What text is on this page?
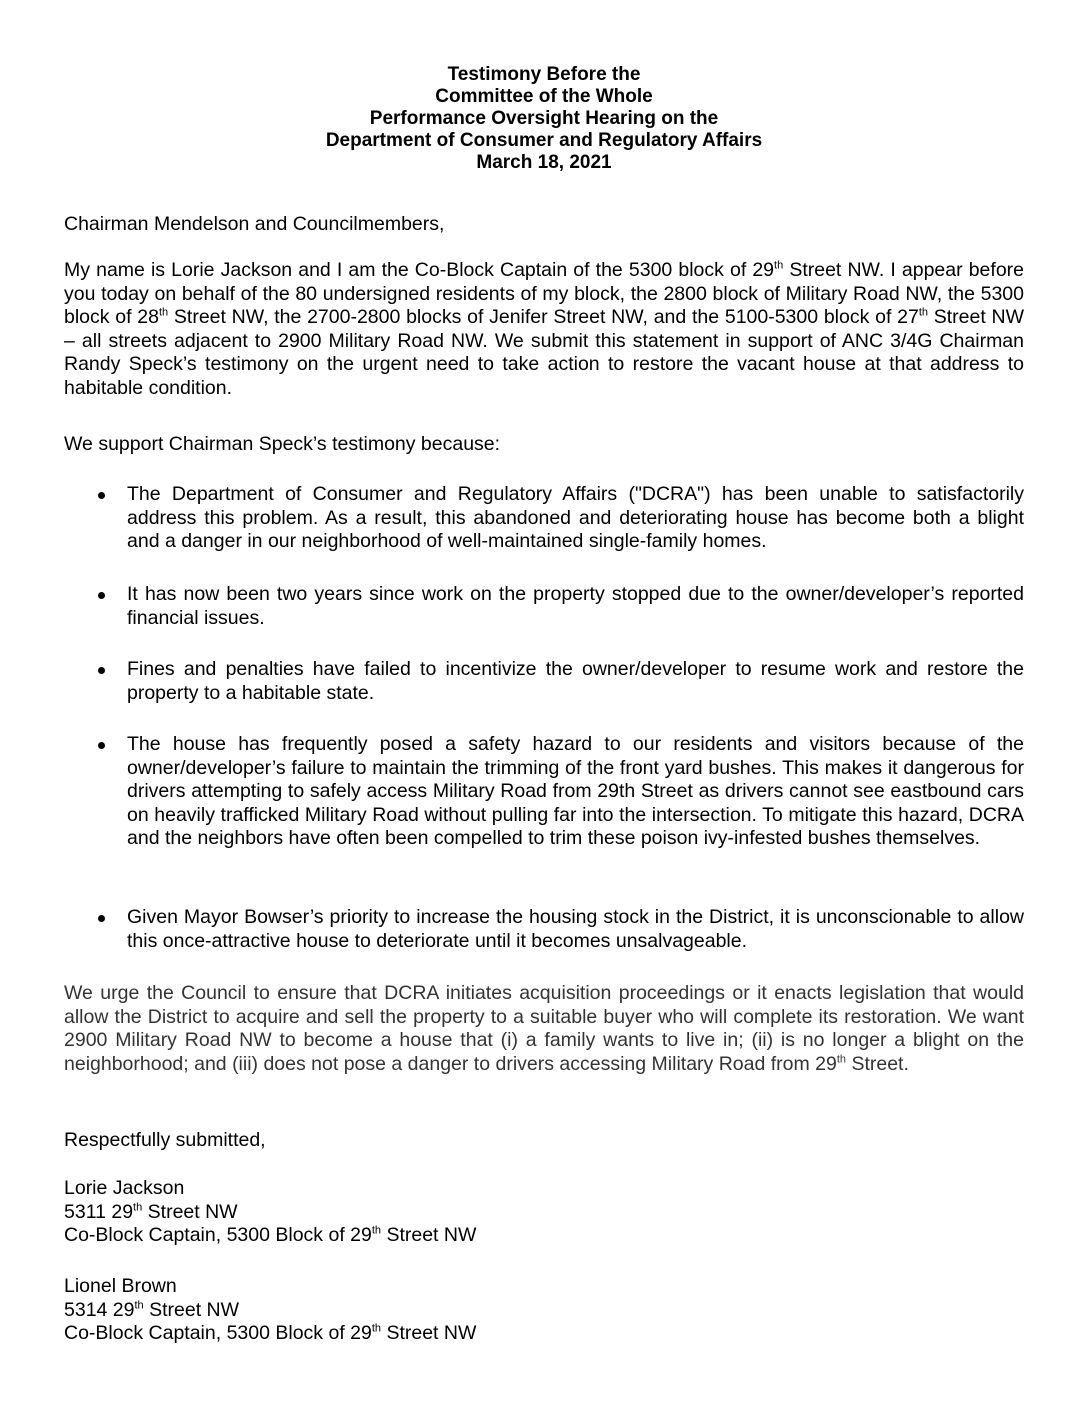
Testimony Before the
Committee of the Whole
Performance Oversight Hearing on the
Department of Consumer and Regulatory Affairs
March 18, 2021
Chairman Mendelson and Councilmembers,
My name is Lorie Jackson and I am the Co-Block Captain of the 5300 block of 29th Street NW. I appear before you today on behalf of the 80 undersigned residents of my block, the 2800 block of Military Road NW, the 5300 block of 28th Street NW, the 2700-2800 blocks of Jenifer Street NW, and the 5100-5300 block of 27th Street NW – all streets adjacent to 2900 Military Road NW. We submit this statement in support of ANC 3/4G Chairman Randy Speck’s testimony on the urgent need to take action to restore the vacant house at that address to habitable condition.
We support Chairman Speck’s testimony because:
The Department of Consumer and Regulatory Affairs ("DCRA") has been unable to satisfactorily address this problem. As a result, this abandoned and deteriorating house has become both a blight and a danger in our neighborhood of well-maintained single-family homes.
It has now been two years since work on the property stopped due to the owner/developer’s reported financial issues.
Fines and penalties have failed to incentivize the owner/developer to resume work and restore the property to a habitable state.
The house has frequently posed a safety hazard to our residents and visitors because of the owner/developer’s failure to maintain the trimming of the front yard bushes. This makes it dangerous for drivers attempting to safely access Military Road from 29th Street as drivers cannot see eastbound cars on heavily trafficked Military Road without pulling far into the intersection. To mitigate this hazard, DCRA and the neighbors have often been compelled to trim these poison ivy-infested bushes themselves.
Given Mayor Bowser’s priority to increase the housing stock in the District, it is unconscionable to allow this once-attractive house to deteriorate until it becomes unsalvageable.
We urge the Council to ensure that DCRA initiates acquisition proceedings or it enacts legislation that would allow the District to acquire and sell the property to a suitable buyer who will complete its restoration. We want 2900 Military Road NW to become a house that (i) a family wants to live in; (ii) is no longer a blight on the neighborhood; and (iii) does not pose a danger to drivers accessing Military Road from 29th Street.
Respectfully submitted,
Lorie Jackson
5311 29th Street NW
Co-Block Captain, 5300 Block of 29th Street NW
Lionel Brown
5314 29th Street NW
Co-Block Captain, 5300 Block of 29th Street NW
